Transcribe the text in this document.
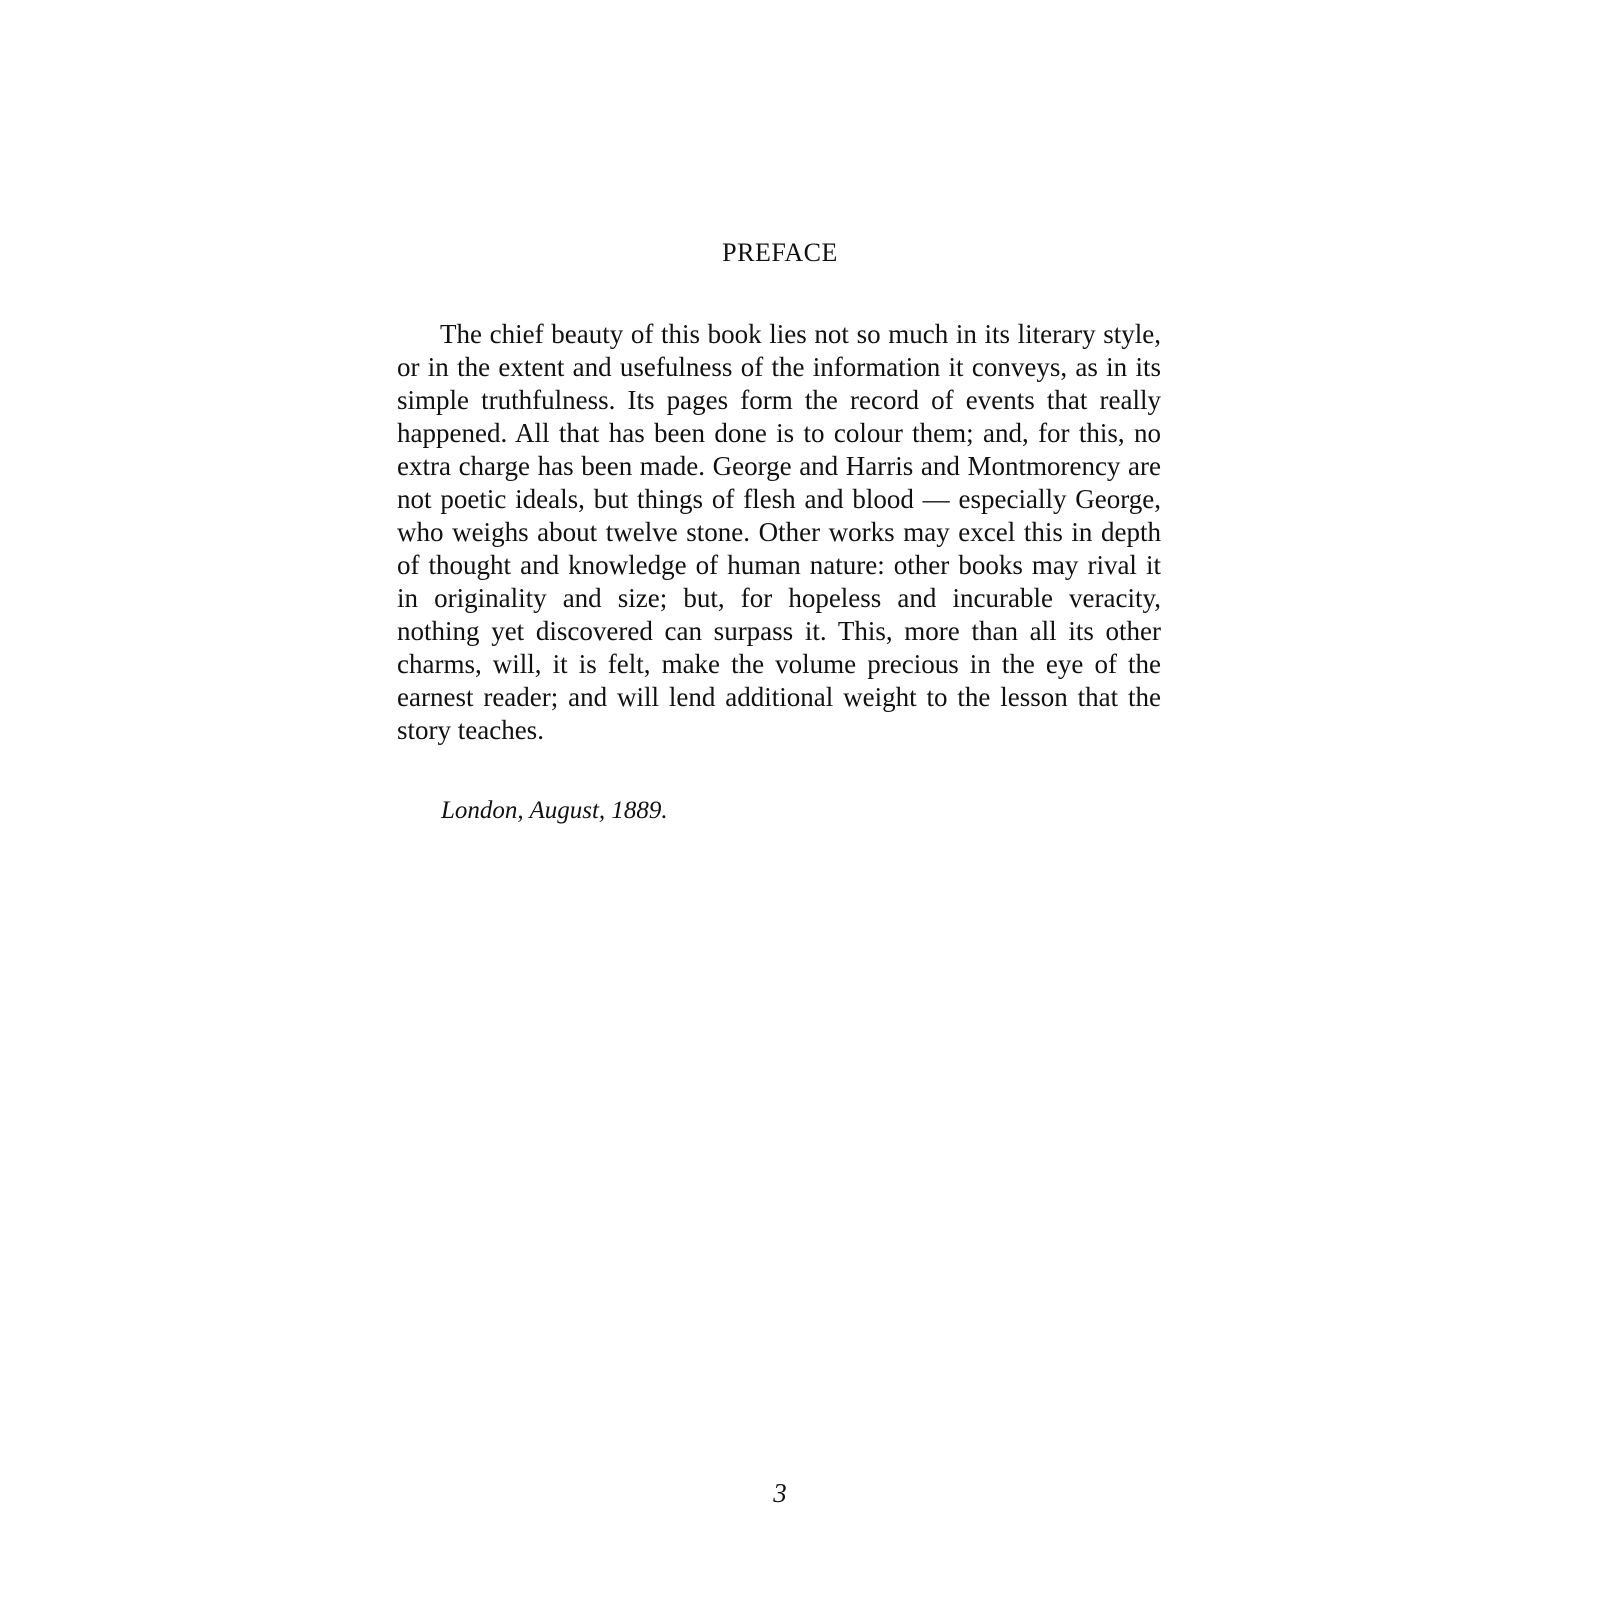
PREFACE

The chief beauty of this book lies not so much in its literary style, or in the extent and usefulness of the information it conveys, as in its simple truthfulness. Its pages form the record of events that really happened. All that has been done is to colour them; and, for this, no extra charge has been made. George and Harris and Montmorency are not poetic ideals, but things of flesh and blood — especially George, who weighs about twelve stone. Other works may excel this in depth of thought and knowledge of human nature: other books may rival it in originality and size; but, for hopeless and incurable veracity, nothing yet discovered can surpass it. This, more than all its other charms, will, it is felt, make the volume precious in the eye of the earnest reader; and will lend additional weight to the lesson that the story teaches.

London, August, 1889.
3
